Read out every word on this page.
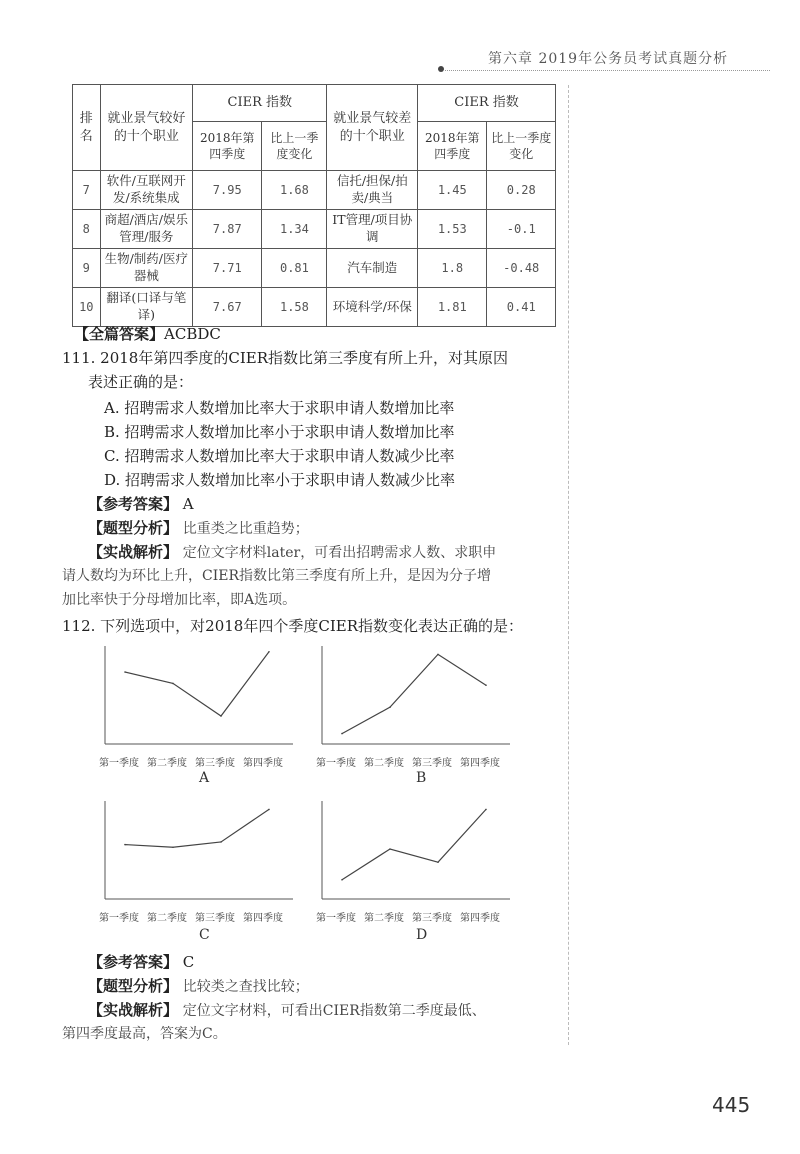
第六章 2019年公务员考试真题分析
排名	就业景气较好的十个职业	CIER 指数		就业景气较差的十个职业	CIER 指数	
		2018年第四季度	比上一季度变化		2018年第四季度	比上一季度变化
7	软件/互联网开发/系统集成	7.95	1.68	信托/担保/拍卖/典当	1.45	0.28
8	商超/酒店/娱乐管理/服务	7.87	1.34	IT管理/项目协调	1.53	-0.1
9	生物/制药/医疗器械	7.71	0.81	汽车制造	1.8	-0.48
10	翻译(口译与笔译)	7.67	1.58	环境科学/环保	1.81	0.41
【全篇答案】ACBDC
111. 2018年第四季度的CIER指数比第三季度有所上升，对其原因
表述正确的是：
A. 招聘需求人数增加比率大于求职申请人数增加比率
B. 招聘需求人数增加比率小于求职申请人数增加比率
C. 招聘需求人数增加比率大于求职申请人数减少比率
D. 招聘需求人数增加比率小于求职申请人数减少比率
【参考答案】 A
【题型分析】 比重类之比重趋势；
【实战解析】 定位文字材料later，可看出招聘需求人数、求职申
请人数均为环比上升，CIER指数比第三季度有所上升，是因为分子增
加比率快于分母增加比率，即A选项。
112. 下列选项中，对2018年四个季度CIER指数变化表达正确的是：
第一季度 第二季度 第三季度 第四季度
A
第一季度 第二季度 第三季度 第四季度
B
第一季度 第二季度 第三季度 第四季度
C
第一季度 第二季度 第三季度 第四季度
D
【参考答案】 C
【题型分析】 比较类之查找比较；
【实战解析】 定位文字材料，可看出CIER指数第二季度最低、
第四季度最高，答案为C。
445
